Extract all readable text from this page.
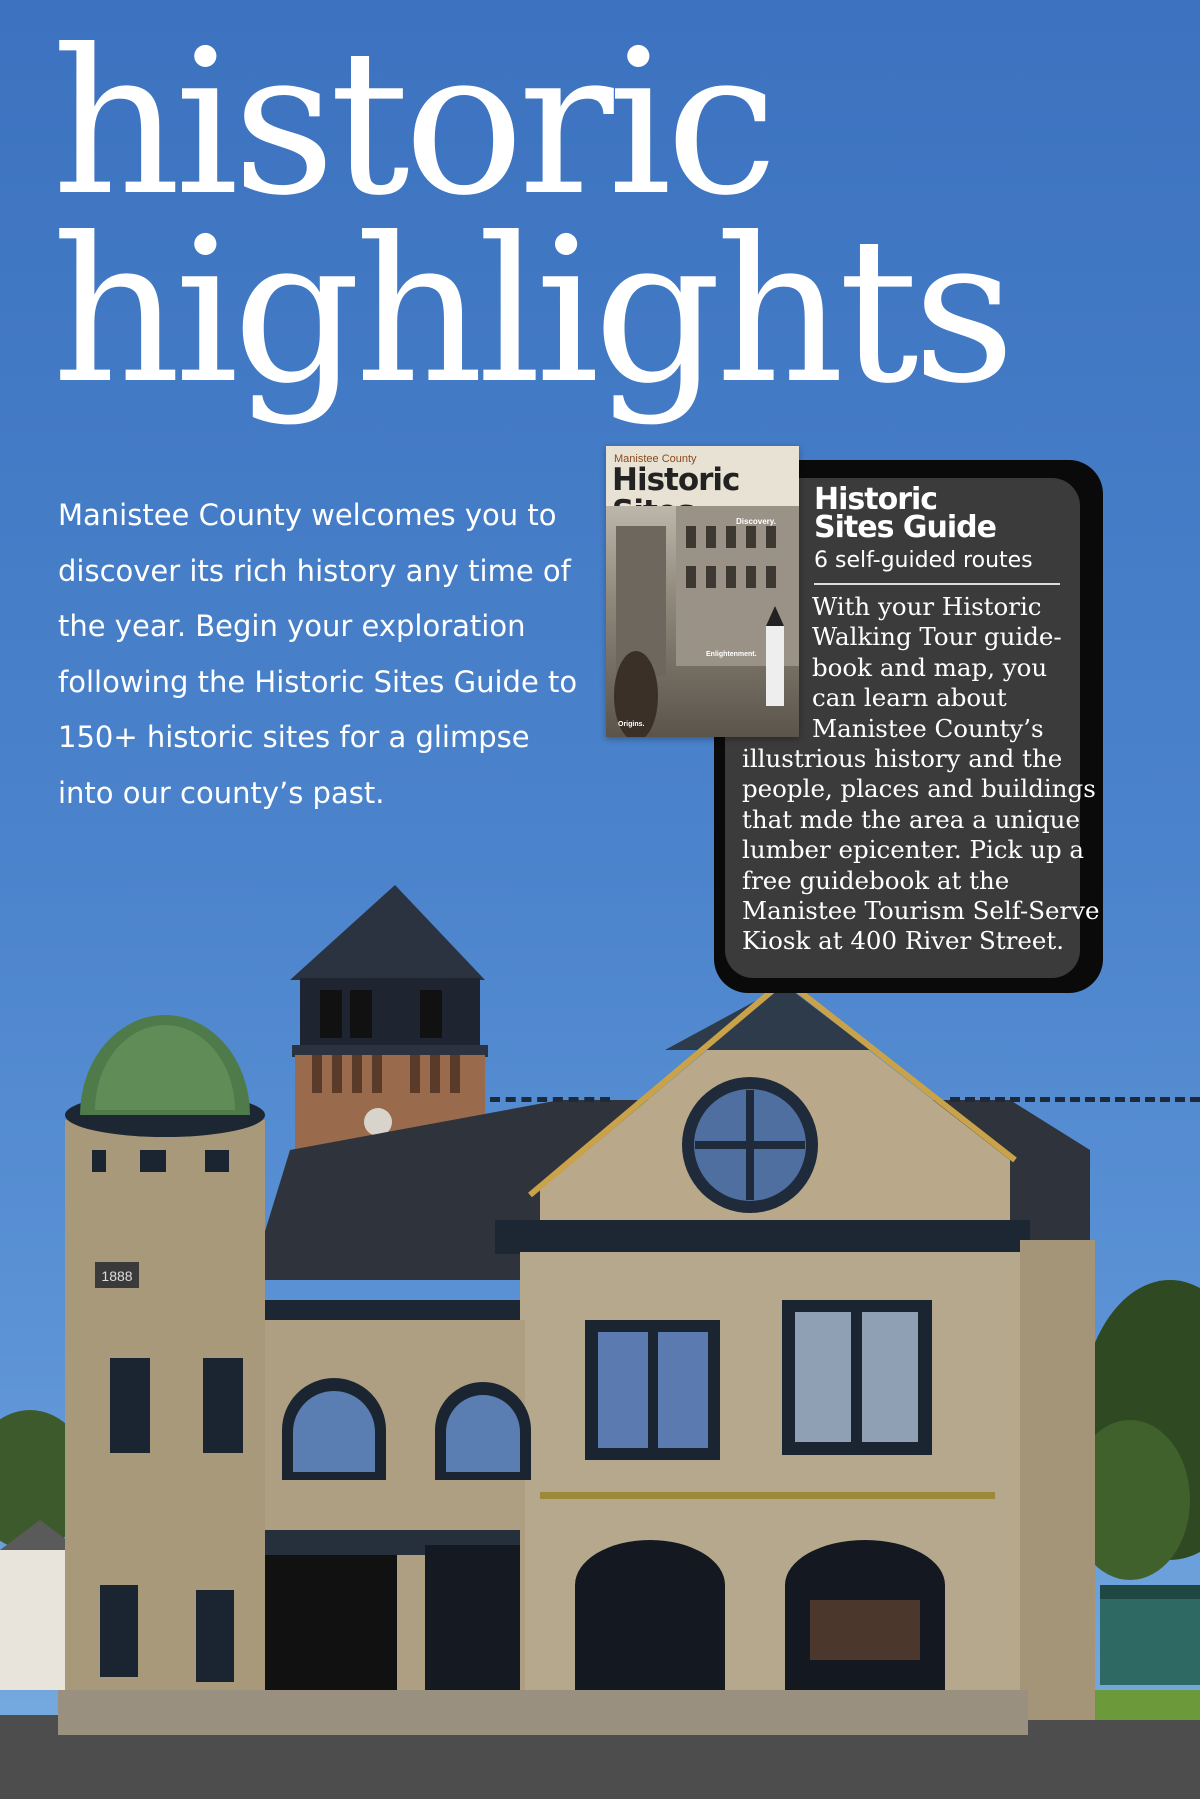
historic
highlights
Manistee County welcomes you to
discover its rich history any time of
the year. Begin your exploration
following the Historic Sites Guide to
150+ historic sites for a glimpse
into our county’s past.
1888
Historic
Sites Guide
6 self-guided routes
With your Historic
Walking Tour guide-
book and map, you
can learn about
Manistee County’s
illustrious history and the
people, places and buildings
that mde the area a unique
lumber epicenter. Pick up a
free guidebook at the
Manistee Tourism Self-Serve
Kiosk at 400 River Street.
Manistee County
Historic
Discovery.
Enlightenment.
Origins.
